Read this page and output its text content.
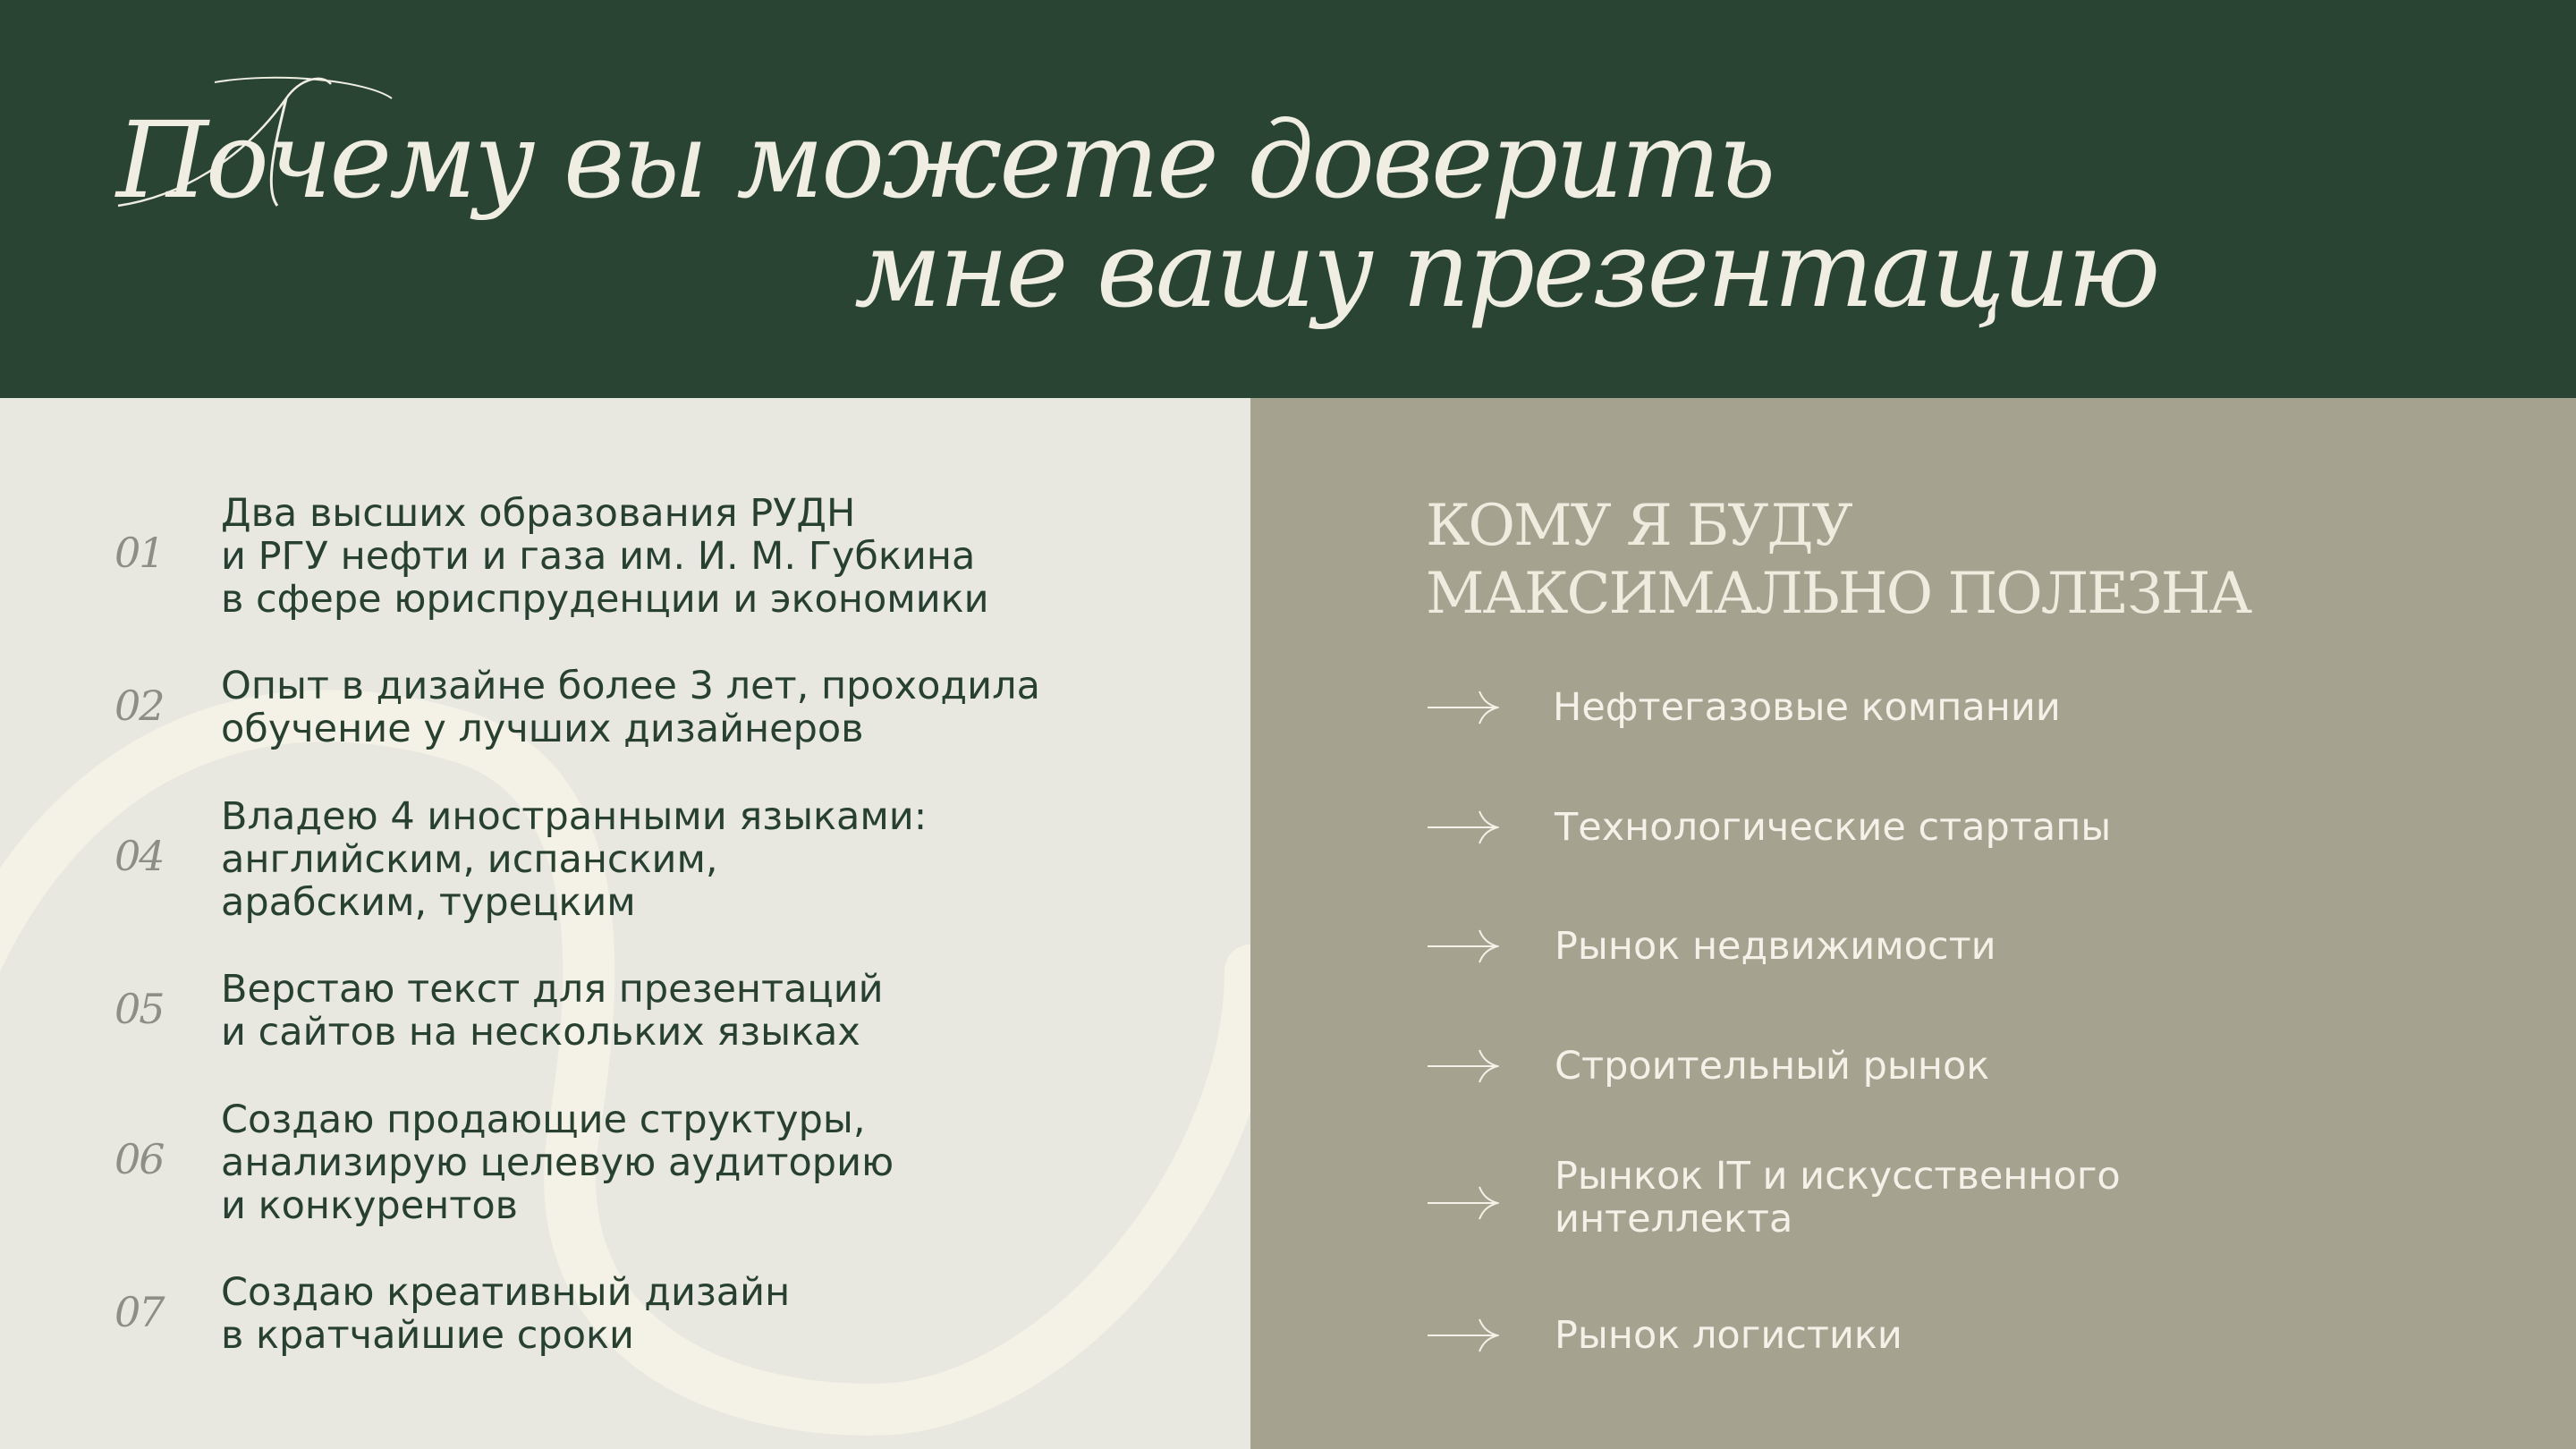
Почему вы можете доверить
мне вашу презентацию
01
Два высших образования РУДН
и РГУ нефти и газа им. И. М. Губкина
в сфере юриспруденции и экономики
02 Опыт в дизайне более 3 лет, проходила
обучение у лучших дизайнеров
04
Владею 4 иностранными языками:
английским, испанским,
арабским, турецким
05 Верстаю текст для презентаций
и сайтов на нескольких языках
06
Создаю продающие структуры,
анализирую целевую аудиторию
и конкурентов
07 Создаю креативный дизайн
в кратчайшие сроки
КОМУ Я БУДУ
МАКСИМАЛЬНО ПОЛЕЗНА
Нефтегазовые компании
Технологические стартапы
Рынок недвижимости
Строительный рынок
Рынкок IT и искусственного
интеллекта
Рынок логистики
